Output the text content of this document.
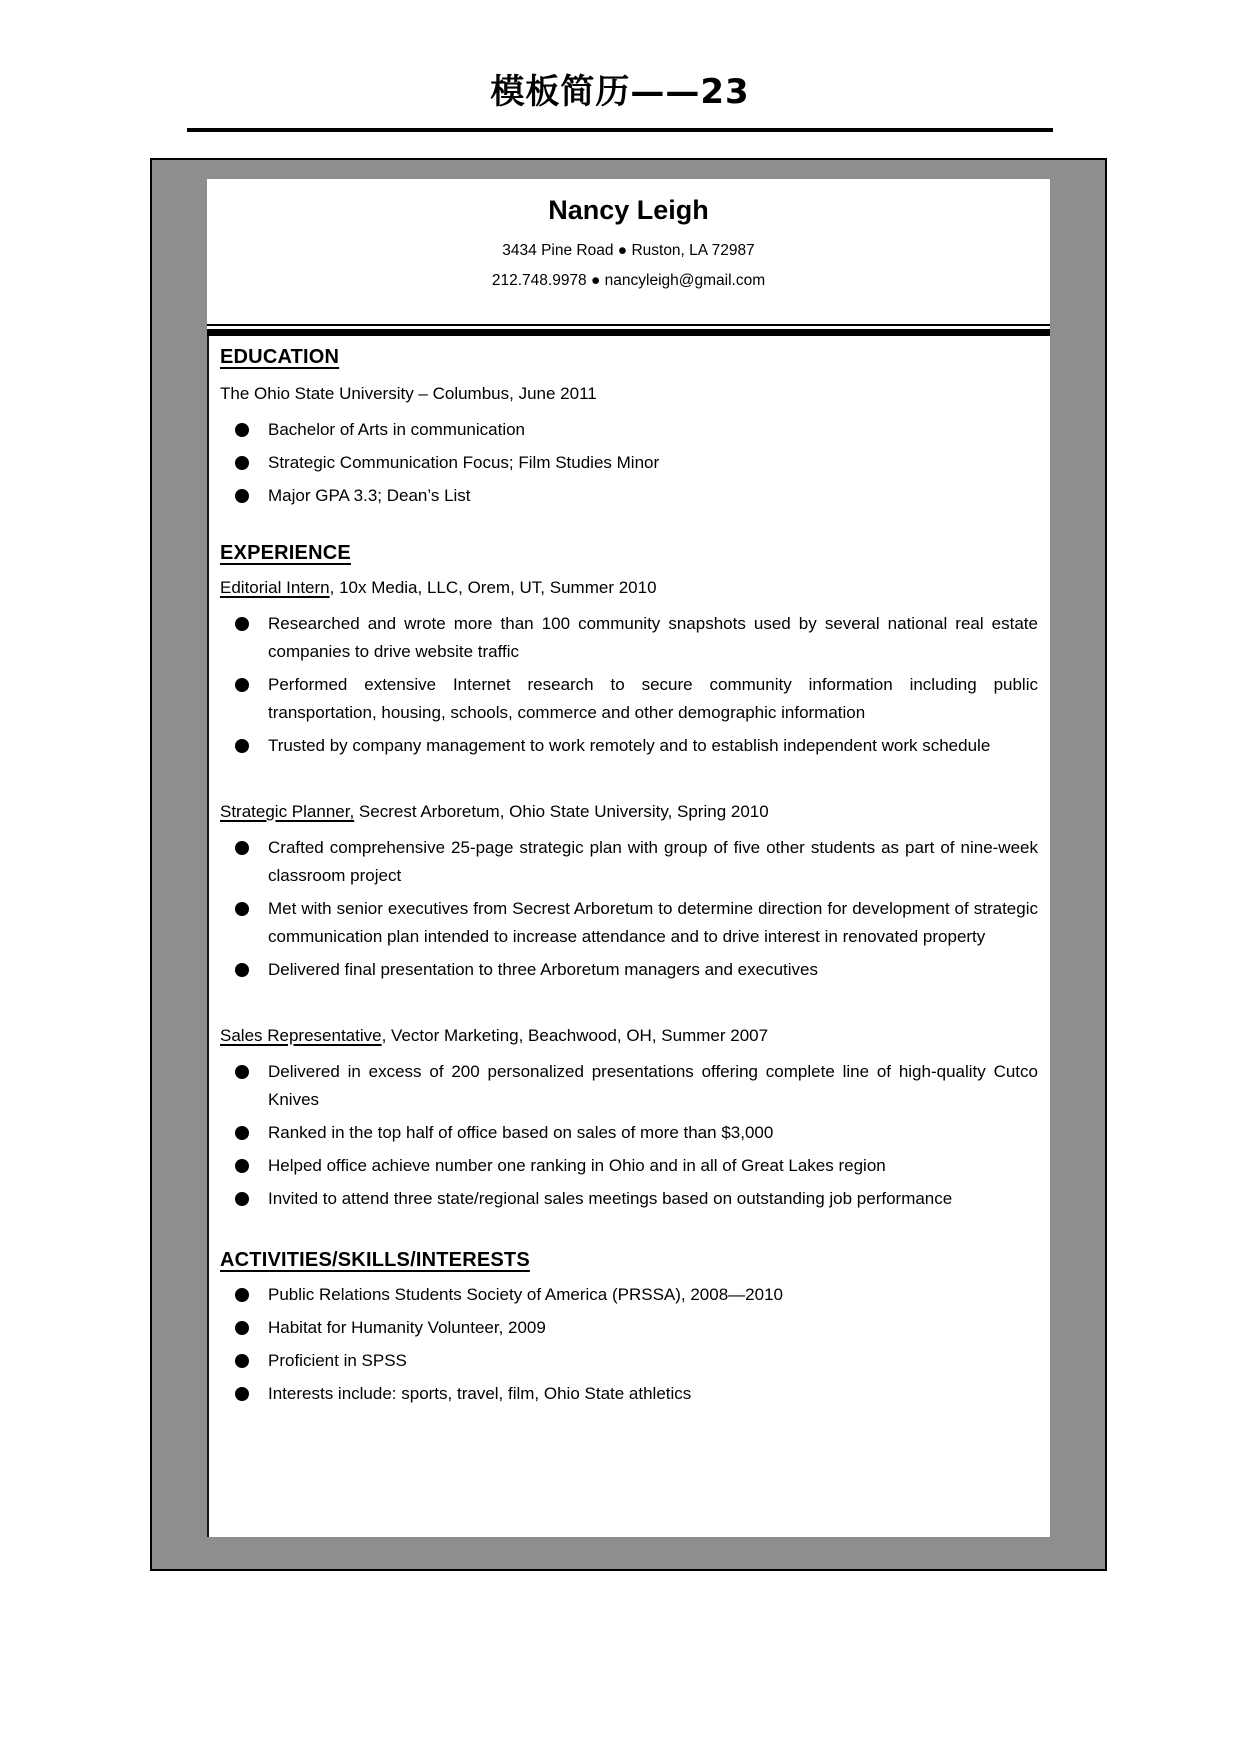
模板简历——23
Nancy Leigh
3434 Pine Road ● Ruston, LA 72987
212.748.9978 ● nancyleigh@gmail.com
EDUCATION
The Ohio State University – Columbus, June 2011
Bachelor of Arts in communication
Strategic Communication Focus; Film Studies Minor
Major GPA 3.3; Dean’s List
EXPERIENCE
Editorial Intern, 10x Media, LLC, Orem, UT, Summer 2010
Researched and wrote more than 100 community snapshots used by several national real estate companies to drive website traffic
Performed extensive Internet research to secure community information including public transportation, housing, schools, commerce and other demographic information
Trusted by company management to work remotely and to establish independent work schedule
Strategic Planner, Secrest Arboretum, Ohio State University, Spring 2010
Crafted comprehensive 25-page strategic plan with group of five other students as part of nine-week classroom project
Met with senior executives from Secrest Arboretum to determine direction for development of strategic communication plan intended to increase attendance and to drive interest in renovated property
Delivered final presentation to three Arboretum managers and executives
Sales Representative, Vector Marketing, Beachwood, OH, Summer 2007
Delivered in excess of 200 personalized presentations offering complete line of high-quality Cutco Knives
Ranked in the top half of office based on sales of more than $3,000
Helped office achieve number one ranking in Ohio and in all of Great Lakes region
Invited to attend three state/regional sales meetings based on outstanding job performance
ACTIVITIES/SKILLS/INTERESTS
Public Relations Students Society of America (PRSSA), 2008—2010
Habitat for Humanity Volunteer, 2009
Proficient in SPSS
Interests include: sports, travel, film, Ohio State athletics
